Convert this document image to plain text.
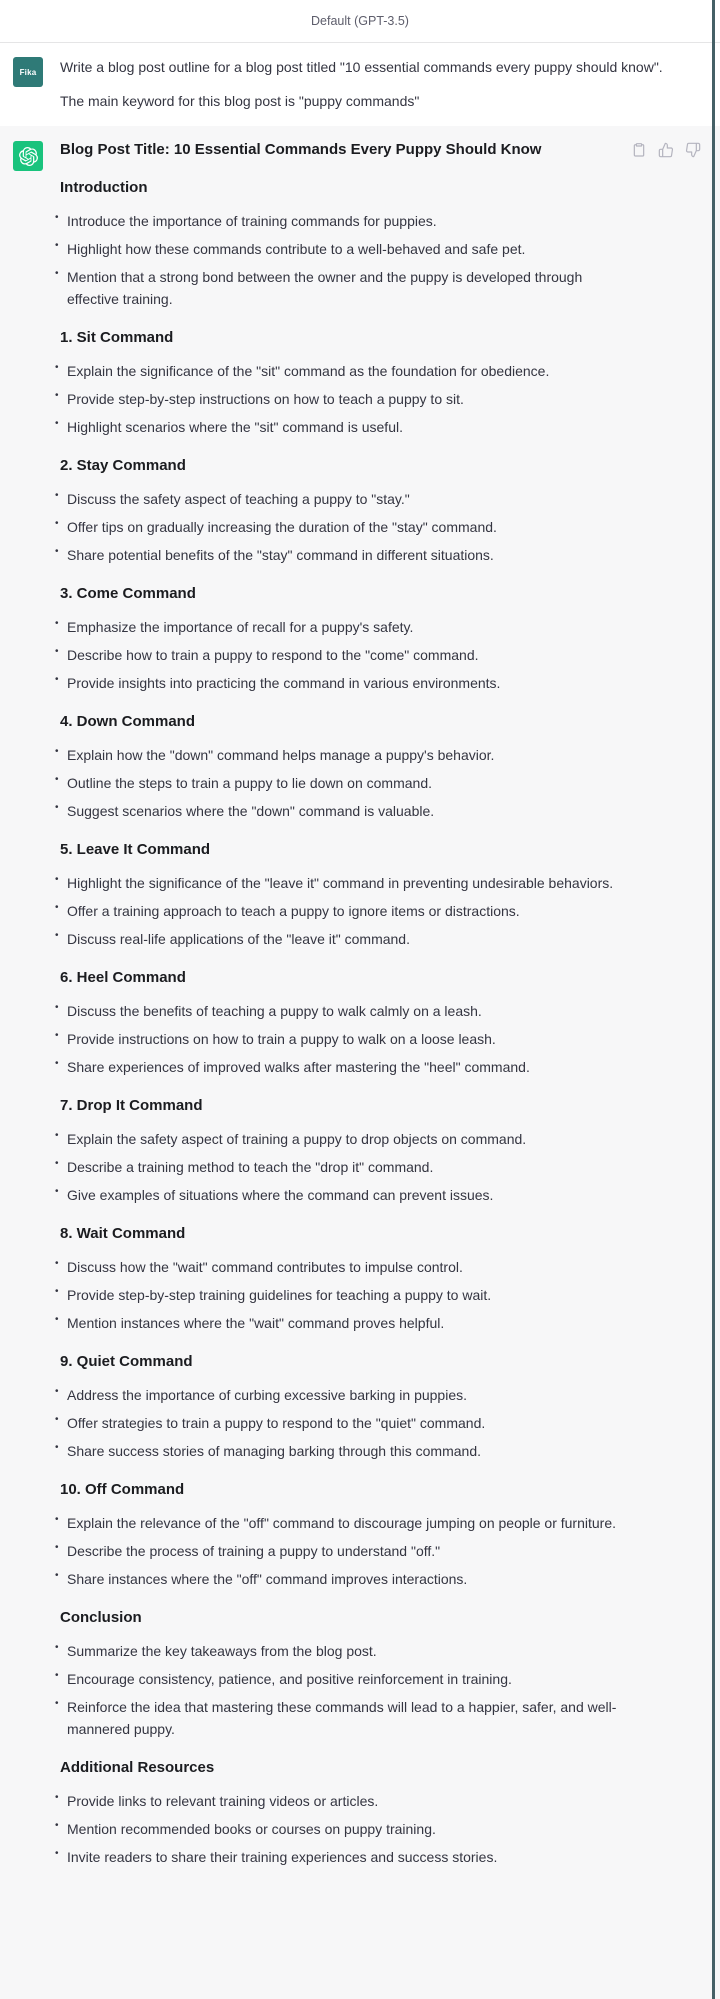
Default (GPT-3.5)
Fika Write a blog post outline for a blog post titled "10 essential commands every puppy should know".

The main keyword for this blog post is "puppy commands"

Blog Post Title: 10 Essential Commands Every Puppy Should Know
Introduction
• Introduce the importance of training commands for puppies.
• Highlight how these commands contribute to a well-behaved and safe pet.
• Mention that a strong bond between the owner and the puppy is developed through effective training.
1. Sit Command
• Explain the significance of the "sit" command as the foundation for obedience.
• Provide step-by-step instructions on how to teach a puppy to sit.
• Highlight scenarios where the "sit" command is useful.
2. Stay Command
• Discuss the safety aspect of teaching a puppy to "stay."
• Offer tips on gradually increasing the duration of the "stay" command.
• Share potential benefits of the "stay" command in different situations.
3. Come Command
• Emphasize the importance of recall for a puppy's safety.
• Describe how to train a puppy to respond to the "come" command.
• Provide insights into practicing the command in various environments.
4. Down Command
• Explain how the "down" command helps manage a puppy's behavior.
• Outline the steps to train a puppy to lie down on command.
• Suggest scenarios where the "down" command is valuable.
5. Leave It Command
• Highlight the significance of the "leave it" command in preventing undesirable behaviors.
• Offer a training approach to teach a puppy to ignore items or distractions.
• Discuss real-life applications of the "leave it" command.
6. Heel Command
• Discuss the benefits of teaching a puppy to walk calmly on a leash.
• Provide instructions on how to train a puppy to walk on a loose leash.
• Share experiences of improved walks after mastering the "heel" command.
7. Drop It Command
• Explain the safety aspect of training a puppy to drop objects on command.
• Describe a training method to teach the "drop it" command.
• Give examples of situations where the command can prevent issues.
8. Wait Command
• Discuss how the "wait" command contributes to impulse control.
• Provide step-by-step training guidelines for teaching a puppy to wait.
• Mention instances where the "wait" command proves helpful.
9. Quiet Command
• Address the importance of curbing excessive barking in puppies.
• Offer strategies to train a puppy to respond to the "quiet" command.
• Share success stories of managing barking through this command.
10. Off Command
• Explain the relevance of the "off" command to discourage jumping on people or furniture.
• Describe the process of training a puppy to understand "off."
• Share instances where the "off" command improves interactions.
Conclusion
• Summarize the key takeaways from the blog post.
• Encourage consistency, patience, and positive reinforcement in training.
• Reinforce the idea that mastering these commands will lead to a happier, safer, and well-mannered puppy.
Additional Resources
• Provide links to relevant training videos or articles.
• Mention recommended books or courses on puppy training.
• Invite readers to share their training experiences and success stories.
